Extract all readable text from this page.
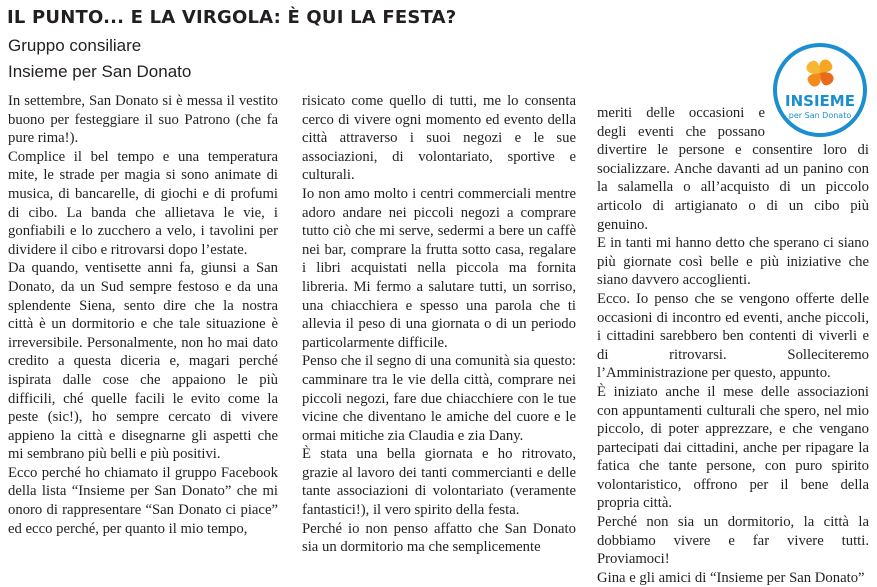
IL PUNTO... E LA VIRGOLA: È QUI LA FESTA?
Gruppo consiliare
Insieme per San Donato
INSIEME
per San Donato

In settembre, San Donato si è messa il vestito buono per festeggiare il suo Patrono (che fa pure rima!).

Complice il bel tempo e una temperatura mite, le strade per magia si sono animate di musica, di bancarelle, di giochi e di profumi di cibo. La banda che allietava le vie, i gonfiabili e lo zucchero a velo, i tavolini per dividere il cibo e ritrovarsi dopo l’estate.

Da quando, ventisette anni fa, giunsi a San Donato, da un Sud sempre festoso e da una splendente Siena, sento dire che la nostra città è un dormitorio e che tale situazione è irreversibile. Personalmente, non ho mai dato credito a questa diceria e, magari perché ispirata dalle cose che appaiono le più difficili, ché quelle facili le evito come la peste (sic!), ho sempre cercato di vivere appieno la città e disegnarne gli aspetti che mi sembrano più belli e più positivi.

Ecco perché ho chiamato il gruppo Facebook della lista “Insieme per San Donato” che mi onoro di rappresentare “San Donato ci piace” ed ecco perché, per quanto il mio tempo,

risicato come quello di tutti, me lo consenta cerco di vivere ogni momento ed evento della città attraverso i suoi negozi e le sue associazioni, di volontariato, sportive e culturali.

Io non amo molto i centri commerciali mentre adoro andare nei piccoli negozi a comprare tutto ciò che mi serve, sedermi a bere un caffè nei bar, comprare la frutta sotto casa, regalare i libri acquistati nella piccola ma fornita libreria. Mi fermo a salutare tutti, un sorriso, una chiacchiera e spesso una parola che ti allevia il peso di una giornata o di un periodo particolarmente difficile.

Penso che il segno di una comunità sia questo: camminare tra le vie della città, comprare nei piccoli negozi, fare due chiacchiere con le tue vicine che diventano le amiche del cuore e le ormai mitiche zia Claudia e zia Dany.

È stata una bella giornata e ho ritrovato, grazie al lavoro dei tanti commercianti e delle tante associazioni di volontariato (veramente fantastici!), il vero spirito della festa.

Perché io non penso affatto che San Donato sia un dormitorio ma che semplicemente

meriti delle occasioni e degli eventi che possano divertire le persone e consentire loro di socializzare. Anche davanti ad un panino con la salamella o all’acquisto di un piccolo articolo di artigianato o di un cibo più genuino.

E in tanti mi hanno detto che sperano ci siano più giornate così belle e più iniziative che siano davvero accoglienti.

Ecco. Io penso che se vengono offerte delle occasioni di incontro ed eventi, anche piccoli, i cittadini sarebbero ben contenti di viverli e di ritrovarsi. Solleciteremo l’Amministrazione per questo, appunto.

È iniziato anche il mese delle associazioni con appuntamenti culturali che spero, nel mio piccolo, di poter apprezzare, e che vengano partecipati dai cittadini, anche per ripagare la fatica che tante persone, con puro spirito volontaristico, offrono per il bene della propria città.

Perché non sia un dormitorio, la città la dobbiamo vivere e far vivere tutti. Proviamoci!

Gina e gli amici di “Insieme per San Donato”
